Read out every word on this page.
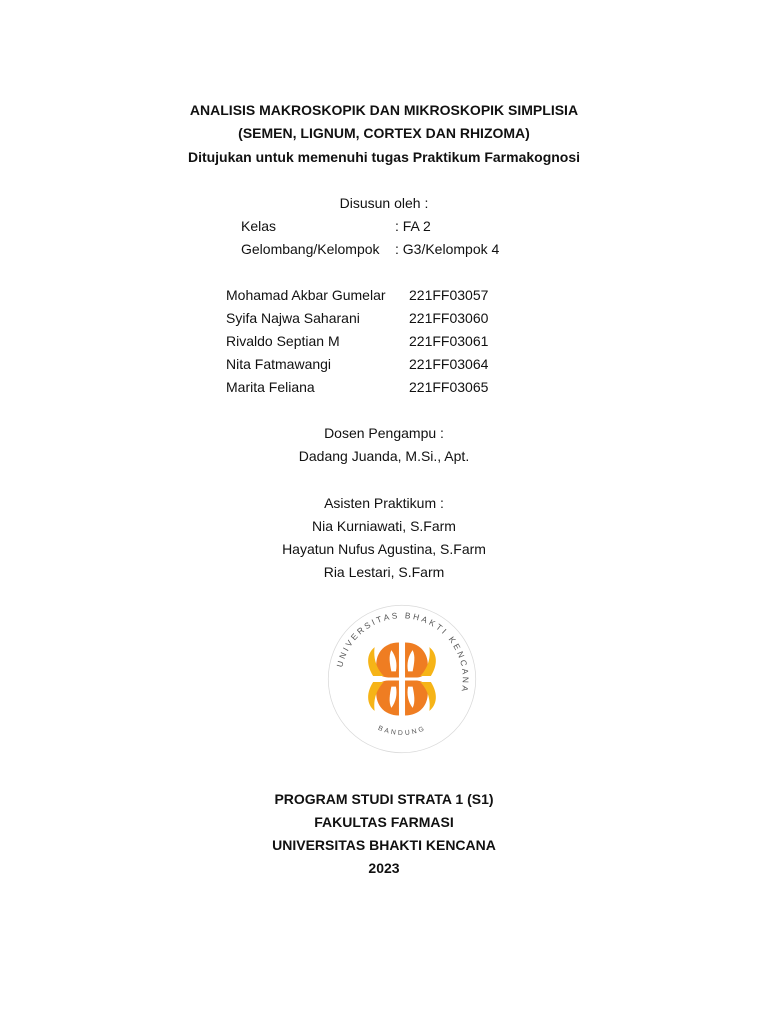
ANALISIS MAKROSKOPIK DAN MIKROSKOPIK SIMPLISIA
(SEMEN, LIGNUM, CORTEX DAN RHIZOMA)
Ditujukan untuk memenuhi tugas Praktikum Farmakognosi
Disusun oleh :
Kelas	: FA 2
Gelombang/Kelompok : G3/Kelompok 4
Mohamad Akbar Gumelar 221FF03057
Syifa Najwa Saharani	221FF03060
Rivaldo Septian M	221FF03061
Nita Fatmawangi	221FF03064
Marita Feliana	221FF03065
Dosen Pengampu :
Dadang Juanda, M.Si., Apt.
Asisten Praktikum :
Nia Kurniawati, S.Farm
Hayatun Nufus Agustina, S.Farm
Ria Lestari, S.Farm
UNIVERSITAS BHAKTI KENCANA
BANDUNG
PROGRAM STUDI STRATA 1 (S1)
FAKULTAS FARMASI
UNIVERSITAS BHAKTI KENCANA
2023
